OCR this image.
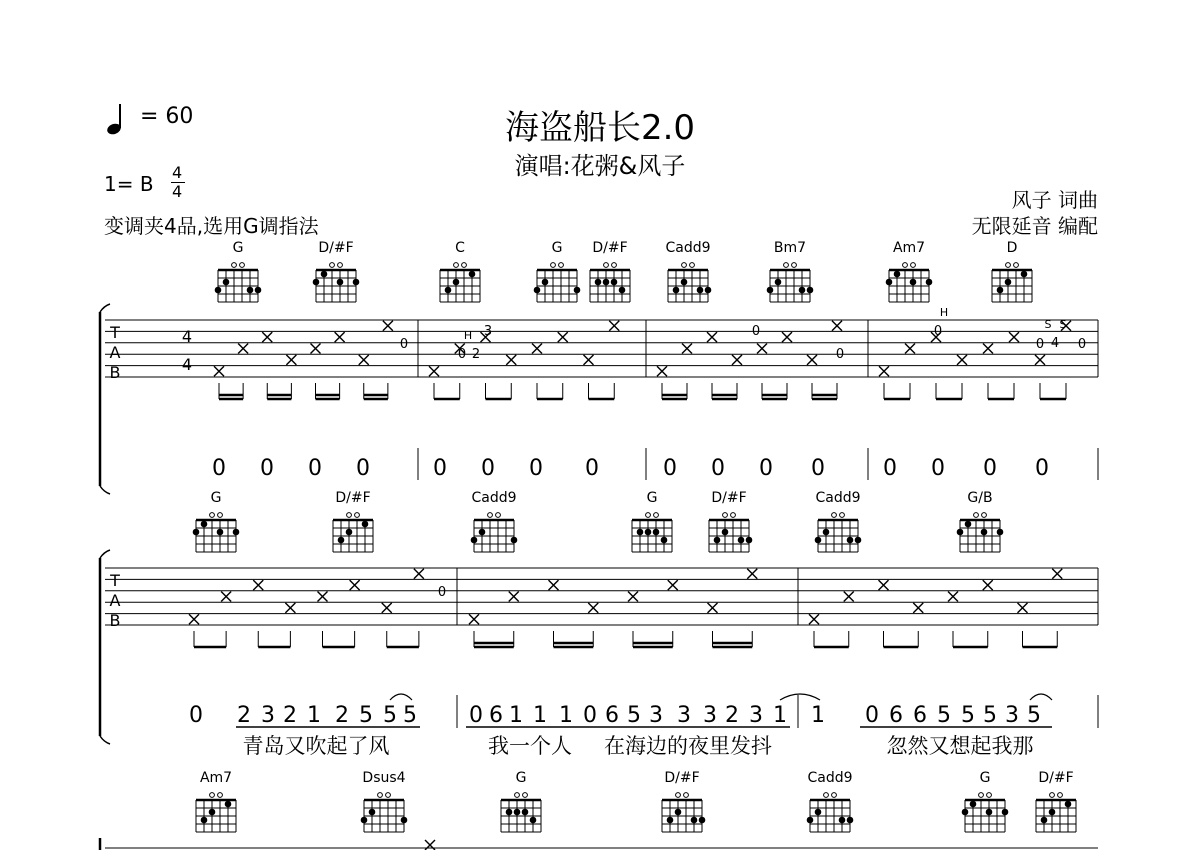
= 60	海盗船长2.0
演唱:花粥&风子
1= B 4
4
变调夹4品,选用G调指法
风子 词曲
无限延音 编配
G	D/#F	C	G D/#F	Cadd9	Bm7	Am7	D
T
A
B
4
4
0
3
0 2
H	0
0
0
0
H
4
0
S S
0 0 0 0	0 0 0 0	0 0 0 0	0 0 0 0
G	D/#F	Cadd9	G	D/#F	Cadd9	G/B
T
A
B
0
0 2 3 2 1 2 5 5 5 0 6 1 1 1 0 6 5 3 3 3 2 3 1 1 0 6 6 5 5 5 3 5
青岛又吹起了风	我一个人 在海边的夜里发抖	忽然又想起我那
Am7	Dsus4	G	D/#F	Cadd9	G	D/#F
